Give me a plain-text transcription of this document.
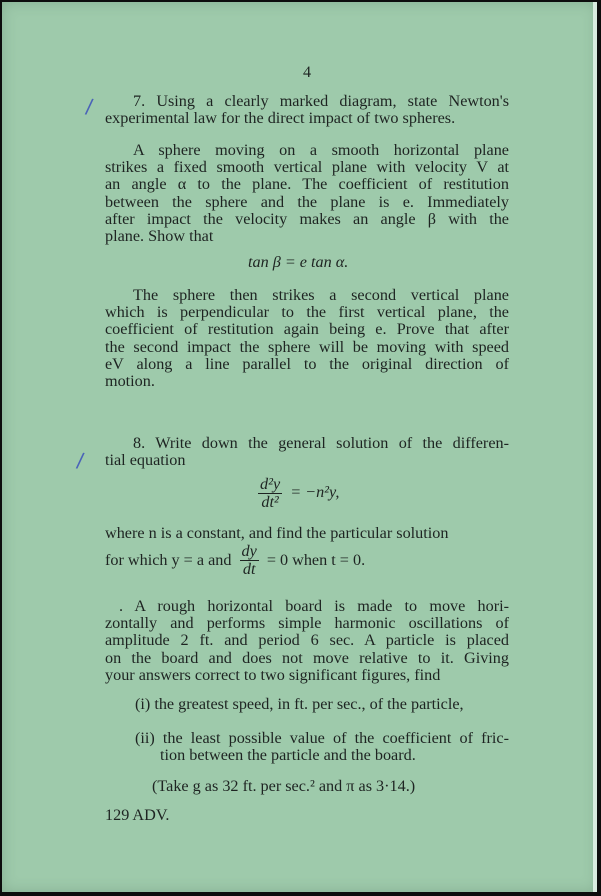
4
/
/
7. Using a clearly marked diagram, state Newton's
experimental law for the direct impact of two spheres.
A sphere moving on a smooth horizontal plane
strikes a fixed smooth vertical plane with velocity V at
an angle α to the plane. The coefficient of restitution
between the sphere and the plane is e. Immediately
after impact the velocity makes an angle β with the
plane. Show that
tan β = e tan α.
The sphere then strikes a second vertical plane
which is perpendicular to the first vertical plane, the
coefficient of restitution again being e. Prove that after
the second impact the sphere will be moving with speed
eV along a line parallel to the original direction of
motion.
8. Write down the general solution of the differen-
tial equation
$\frac{\text{d²y}}{\text{dt²}} = -n^2y$,
where n is a constant, and find the particular solution
for which y = a and $\frac{dy}{dt} = 0$ when t = 0.
. A rough horizontal board is made to move hori-
zontally and performs simple harmonic oscillations of
amplitude 2 ft. and period 6 sec. A particle is placed
on the board and does not move relative to it. Giving
your answers correct to two significant figures, find
(i) the greatest speed, in ft. per sec., of the particle,
(ii) the least possible value of the coefficient of fric-
tion between the particle and the board.
(Take g as 32 ft. per sec.² and π as 3·14.)
129 ADV.
